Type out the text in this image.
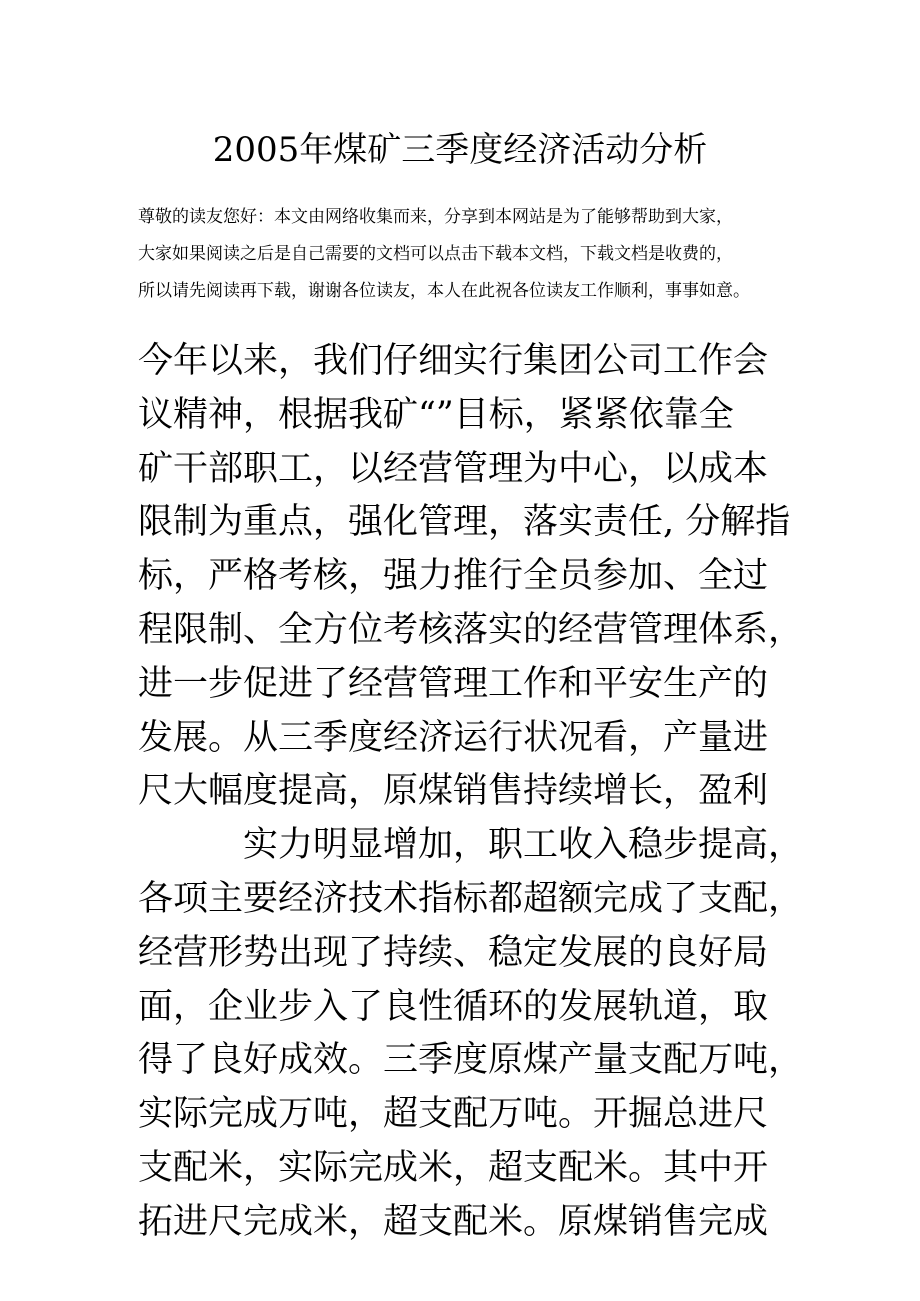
2005年煤矿三季度经济活动分析
尊敬的读友您好：本文由网络收集而来，分享到本网站是为了能够帮助到大家，
大家如果阅读之后是自己需要的文档可以点击下载本文档，下载文档是收费的，
所以请先阅读再下载，谢谢各位读友，本人在此祝各位读友工作顺利，事事如意。
今年以来，我们仔细实行集团公司工作会
议精神，根据我矿“”目标，紧紧依靠全
矿干部职工，以经营管理为中心，以成本
限制为重点，强化管理，落实责任, 分解指
标，严格考核，强力推行全员参加、全过
程限制、全方位考核落实的经营管理体系，
进一步促进了经营管理工作和平安生产的
发展。从三季度经济运行状况看，产量进
尺大幅度提高，原煤销售持续增长，盈利
实力明显增加，职工收入稳步提高，
各项主要经济技术指标都超额完成了支配，
经营形势出现了持续、稳定发展的良好局
面，企业步入了良性循环的发展轨道，取
得了良好成效。三季度原煤产量支配万吨，
实际完成万吨，超支配万吨。开掘总进尺
支配米，实际完成米，超支配米。其中开
拓进尺完成米，超支配米。原煤销售完成
